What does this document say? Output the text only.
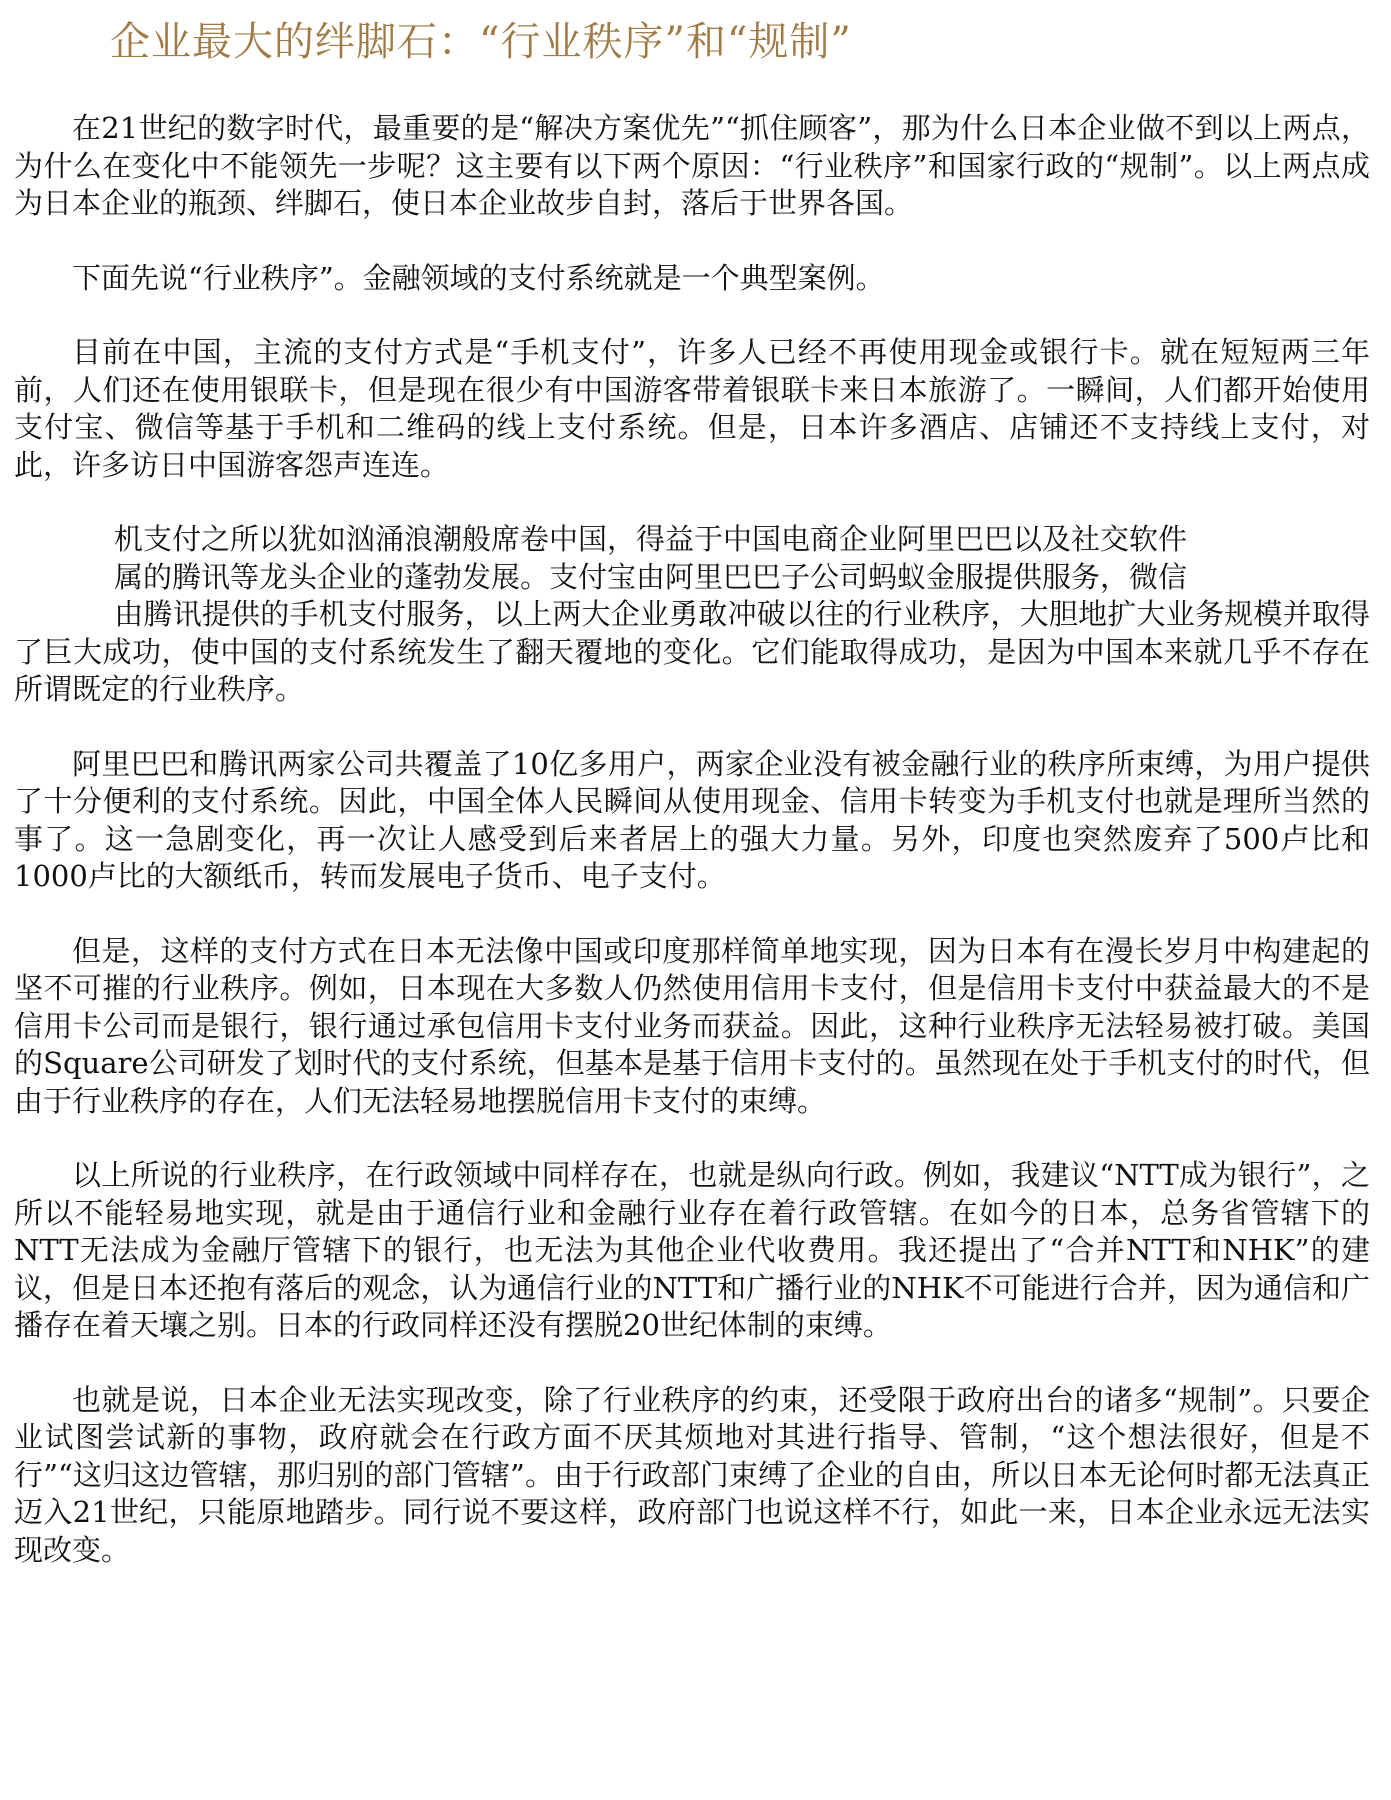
企业最大的绊脚石：“行业秩序”和“规制”

在21世纪的数字时代，最重要的是“解决方案优先”“抓住顾客”，那为什么日本企业做不到以上两点，为什么在变化中不能领先一步呢？这主要有以下两个原因：“行业秩序”和国家行政的“规制”。以上两点成为日本企业的瓶颈、绊脚石，使日本企业故步自封，落后于世界各国。

下面先说“行业秩序”。金融领域的支付系统就是一个典型案例。

目前在中国，主流的支付方式是“手机支付”，许多人已经不再使用现金或银行卡。就在短短两三年前，人们还在使用银联卡，但是现在很少有中国游客带着银联卡来日本旅游了。一瞬间，人们都开始使用支付宝、微信等基于手机和二维码的线上支付系统。但是，日本许多酒店、店铺还不支持线上支付，对此，许多访日中国游客怨声连连。

机支付之所以犹如汹涌浪潮般席卷中国，得益于中国电商企业阿里巴巴以及社交软件
属的腾讯等龙头企业的蓬勃发展。支付宝由阿里巴巴子公司蚂蚁金服提供服务，微信
由腾讯提供的手机支付服务，以上两大企业勇敢冲破以往的行业秩序，大胆地扩大业务规模并取得了巨大成功，使中国的支付系统发生了翻天覆地的变化。它们能取得成功，是因为中国本来就几乎不存在所谓既定的行业秩序。

阿里巴巴和腾讯两家公司共覆盖了10亿多用户，两家企业没有被金融行业的秩序所束缚，为用户提供了十分便利的支付系统。因此，中国全体人民瞬间从使用现金、信用卡转变为手机支付也就是理所当然的事了。这一急剧变化，再一次让人感受到后来者居上的强大力量。另外，印度也突然废弃了500卢比和1000卢比的大额纸币，转而发展电子货币、电子支付。

但是，这样的支付方式在日本无法像中国或印度那样简单地实现，因为日本有在漫长岁月中构建起的坚不可摧的行业秩序。例如，日本现在大多数人仍然使用信用卡支付，但是信用卡支付中获益最大的不是信用卡公司而是银行，银行通过承包信用卡支付业务而获益。因此，这种行业秩序无法轻易被打破。美国的Square公司研发了划时代的支付系统，但基本是基于信用卡支付的。虽然现在处于手机支付的时代，但由于行业秩序的存在，人们无法轻易地摆脱信用卡支付的束缚。

以上所说的行业秩序，在行政领域中同样存在，也就是纵向行政。例如，我建议“NTT成为银行”，之所以不能轻易地实现，就是由于通信行业和金融行业存在着行政管辖。在如今的日本，总务省管辖下的NTT无法成为金融厅管辖下的银行，也无法为其他企业代收费用。我还提出了“合并NTT和NHK”的建议，但是日本还抱有落后的观念，认为通信行业的NTT和广播行业的NHK不可能进行合并，因为通信和广播存在着天壤之别。日本的行政同样还没有摆脱20世纪体制的束缚。

也就是说，日本企业无法实现改变，除了行业秩序的约束，还受限于政府出台的诸多“规制”。只要企业试图尝试新的事物，政府就会在行政方面不厌其烦地对其进行指导、管制，“这个想法很好，但是不行”“这归这边管辖，那归别的部门管辖”。由于行政部门束缚了企业的自由，所以日本无论何时都无法真正迈入21世纪，只能原地踏步。同行说不要这样，政府部门也说这样不行，如此一来，日本企业永远无法实现改变。
